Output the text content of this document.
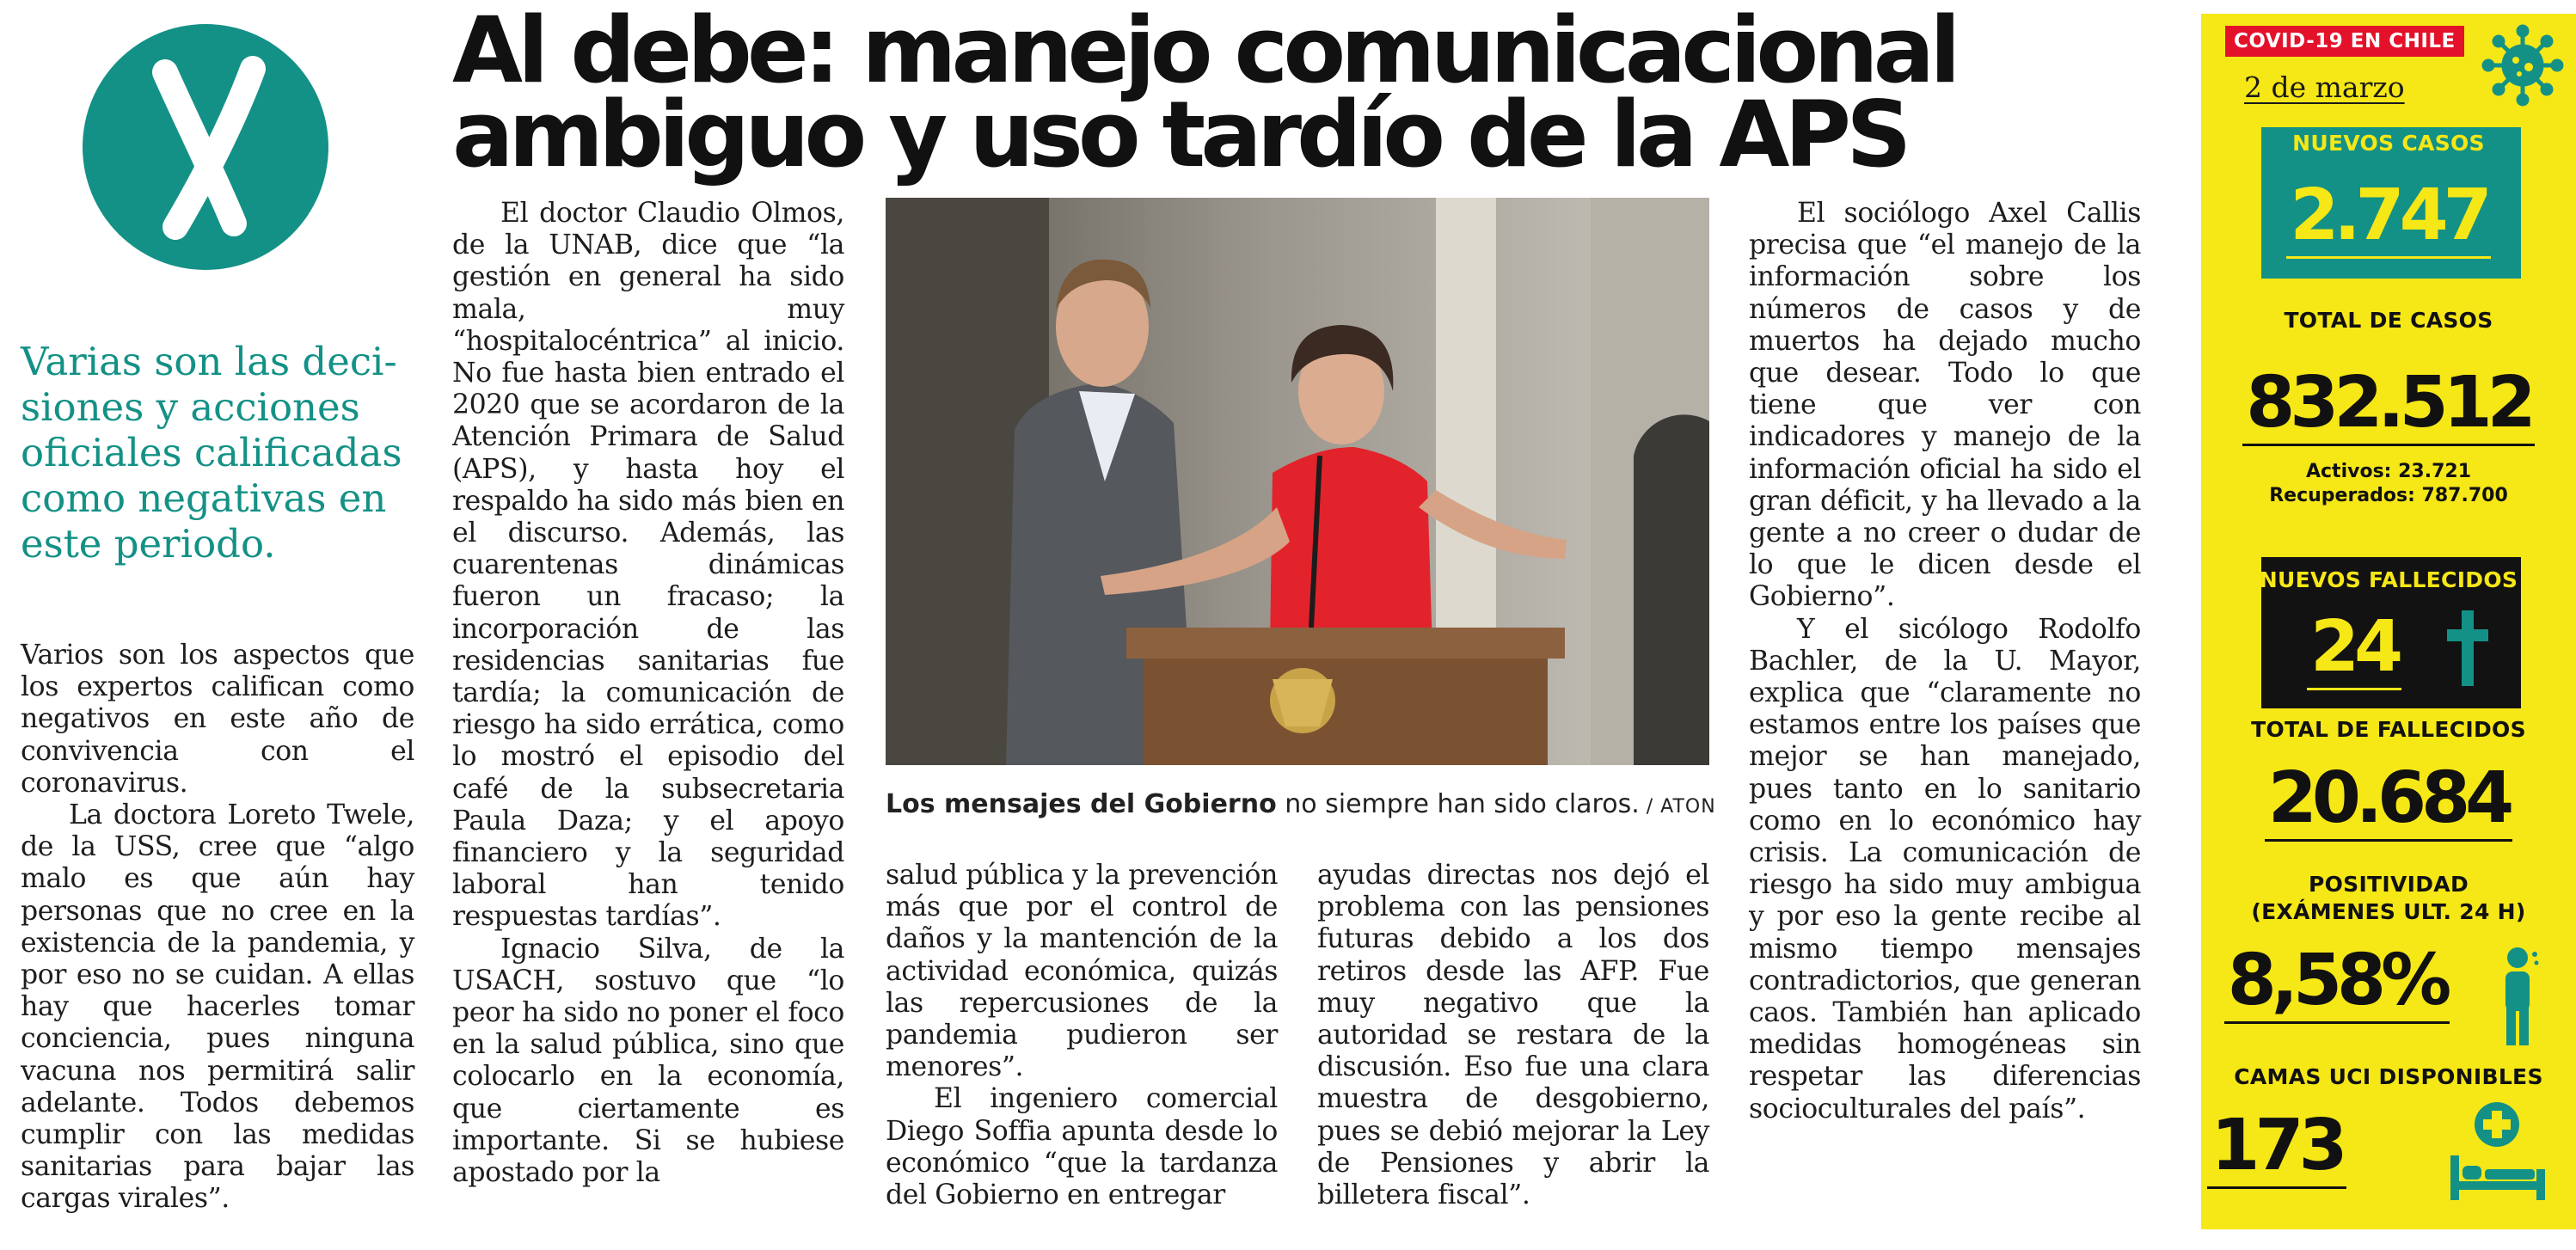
Varias son las deci- siones y acciones oficiales calificadas como negativas en este periodo.
Al debe: manejo comunicacional
ambiguo y uso tardío de la APS

Varios son los aspectos que los expertos califican como negativos en este año de convivencia con el coronavirus.

La doctora Loreto Twele, de la USS, cree que “algo malo es que aún hay personas que no cree en la existencia de la pandemia, y por eso no se cuidan. A ellas hay que hacerles tomar conciencia, pues ninguna vacuna nos permitirá salir adelante. Todos debemos cumplir con las medidas sanitarias para bajar las cargas virales”.

El doctor Claudio Olmos, de la UNAB, dice que “la gestión en general ha sido mala, muy “hospitalocéntrica” al inicio. No fue hasta bien entrado el 2020 que se acordaron de la Atención Primara de Salud (APS), y hasta hoy el respaldo ha sido más bien en el discurso. Además, las cuarentenas dinámicas fueron un fracaso; la incorporación de las residencias sanitarias fue tardía; la comunicación de riesgo ha sido errática, como lo mostró el episodio del café de la subsecretaria Paula Daza; y el apoyo financiero y la seguridad laboral han tenido respuestas tardías”.

Ignacio Silva, de la USACH, sostuvo que “lo peor ha sido no poner el foco en la salud pública, sino que colocarlo en la economía, que ciertamente es importante. Si se hubiese apostado por la

Los mensajes del Gobierno no siempre han sido claros. / ATON

salud pública y la prevención más que por el control de daños y la mantención de la actividad económica, quizás las repercusiones de la pandemia pudieron ser menores”.

El ingeniero comercial Diego Soffia apunta desde lo económico “que la tardanza del Gobierno en entregar

ayudas directas nos dejó el problema con las pensiones futuras debido a los dos retiros desde las AFP. Fue muy negativo que la autoridad se restara de la discusión. Eso fue una clara muestra de desgobierno, pues se debió mejorar la Ley de Pensiones y abrir la billetera fiscal”.

El sociólogo Axel Callis precisa que “el manejo de la información sobre los números de casos y de muertos ha dejado mucho que desear. Todo lo que tiene que ver con indicadores y manejo de la información oficial ha sido el gran déficit, y ha llevado a la gente a no creer o dudar de lo que le dicen desde el Gobierno”.

Y el sicólogo Rodolfo Bachler, de la U. Mayor, explica que “claramente no estamos entre los países que mejor se han manejado, pues tanto en lo sanitario como en lo económico hay crisis. La comunicación de riesgo ha sido muy ambigua y por eso la gente recibe al mismo tiempo mensajes contradictorios, que generan caos. También han aplicado medidas homogéneas sin respetar las diferencias socioculturales del país”.

COVID-19 EN CHILE
2 de marzo
NUEVOS CASOS
2.747
TOTAL DE CASOS
832.512
Activos: 23.721
Recuperados: 787.700
NUEVOS FALLECIDOS
24
TOTAL DE FALLECIDOS
20.684
POSITIVIDAD
(EXÁMENES ULT. 24 H)
8,58%
CAMAS UCI DISPONIBLES
173
